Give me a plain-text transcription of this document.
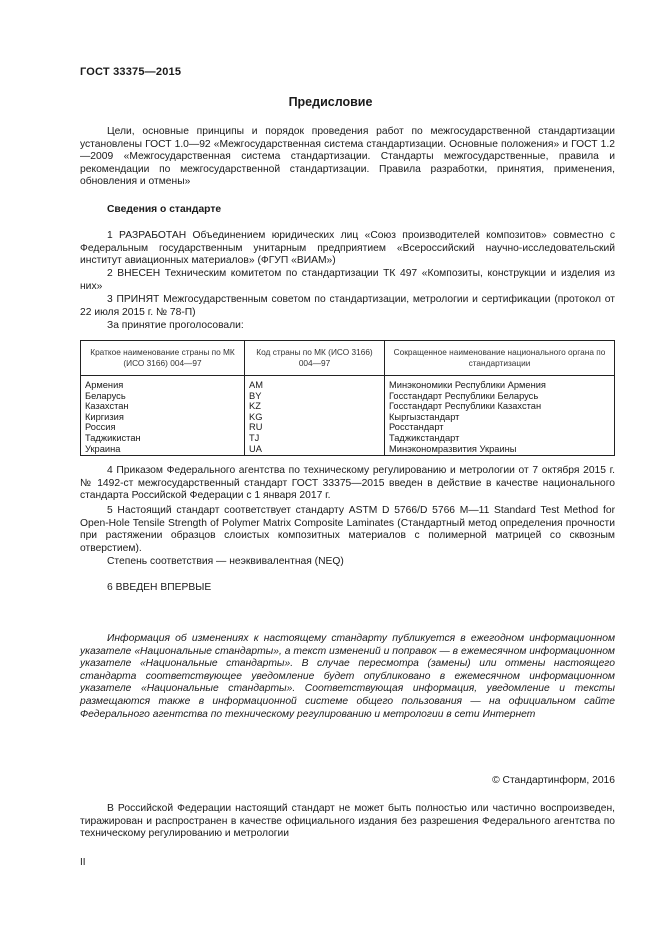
ГОСТ 33375—2015
Предисловие

Цели, основные принципы и порядок проведения работ по межгосударственной стандартизации установлены ГОСТ 1.0—92 «Межгосударственная система стандартизации. Основные положения» и ГОСТ 1.2—2009 «Межгосударственная система стандартизации. Стандарты межгосударственные, правила и рекомендации по межгосударственной стандартизации. Правила разработки, принятия, применения, обновления и отмены»

Сведения о стандарте

1 РАЗРАБОТАН Объединением юридических лиц «Союз производителей композитов» совместно с Федеральным государственным унитарным предприятием «Всероссийский научно-исследовательский институт авиационных материалов» (ФГУП «ВИАМ»)

2 ВНЕСЕН Техническим комитетом по стандартизации ТК 497 «Композиты, конструкции и изделия из них»

3 ПРИНЯТ Межгосударственным советом по стандартизации, метрологии и сертификации (протокол от 22 июля 2015 г. № 78-П)

За принятие проголосовали:
Краткое наименование страны по МК (ИСО 3166) 004—97	Код страны по МК (ИСО 3166) 004—97	Сокращенное наименование национального органа по стандартизации
Армения	AM	Минэкономики Республики Армения
Беларусь	BY	Госстандарт Республики Беларусь
Казахстан	KZ	Госстандарт Республики Казахстан
Киргизия	KG	Кыргызстандарт
Россия	RU	Росстандарт
Таджикистан	TJ	Таджикстандарт
Украина	UA	Минэкономразвития Украины

4 Приказом Федерального агентства по техническому регулированию и метрологии от 7 октября 2015 г. № 1492-ст межгосударственный стандарт ГОСТ 33375—2015 введен в действие в качестве национального стандарта Российской Федерации с 1 января 2017 г.

5 Настоящий стандарт соответствует стандарту ASTM D 5766/D 5766 M—11 Standard Test Method for Open-Hole Tensile Strength of Polymer Matrix Composite Laminates (Стандартный метод определения прочности при растяжении образцов слоистых композитных материалов с полимерной матрицей со сквозным отверстием).

Степень соответствия — неэквивалентная (NEQ)
6 ВВЕДЕН ВПЕРВЫЕ

Информация об изменениях к настоящему стандарту публикуется в ежегодном информационном указателе «Национальные стандарты», а текст изменений и поправок — в ежемесячном информационном указателе «Национальные стандарты». В случае пересмотра (замены) или отмены настоящего стандарта соответствующее уведомление будет опубликовано в ежемесячном информационном указателе «Национальные стандарты». Соответствующая информация, уведомление и тексты размещаются также в информационной системе общего пользования — на официальном сайте Федерального агентства по техническому регулированию и метрологии в сети Интернет

© Стандартинформ, 2016

В Российской Федерации настоящий стандарт не может быть полностью или частично воспроизведен, тиражирован и распространен в качестве официального издания без разрешения Федерального агентства по техническому регулированию и метрологии

II
